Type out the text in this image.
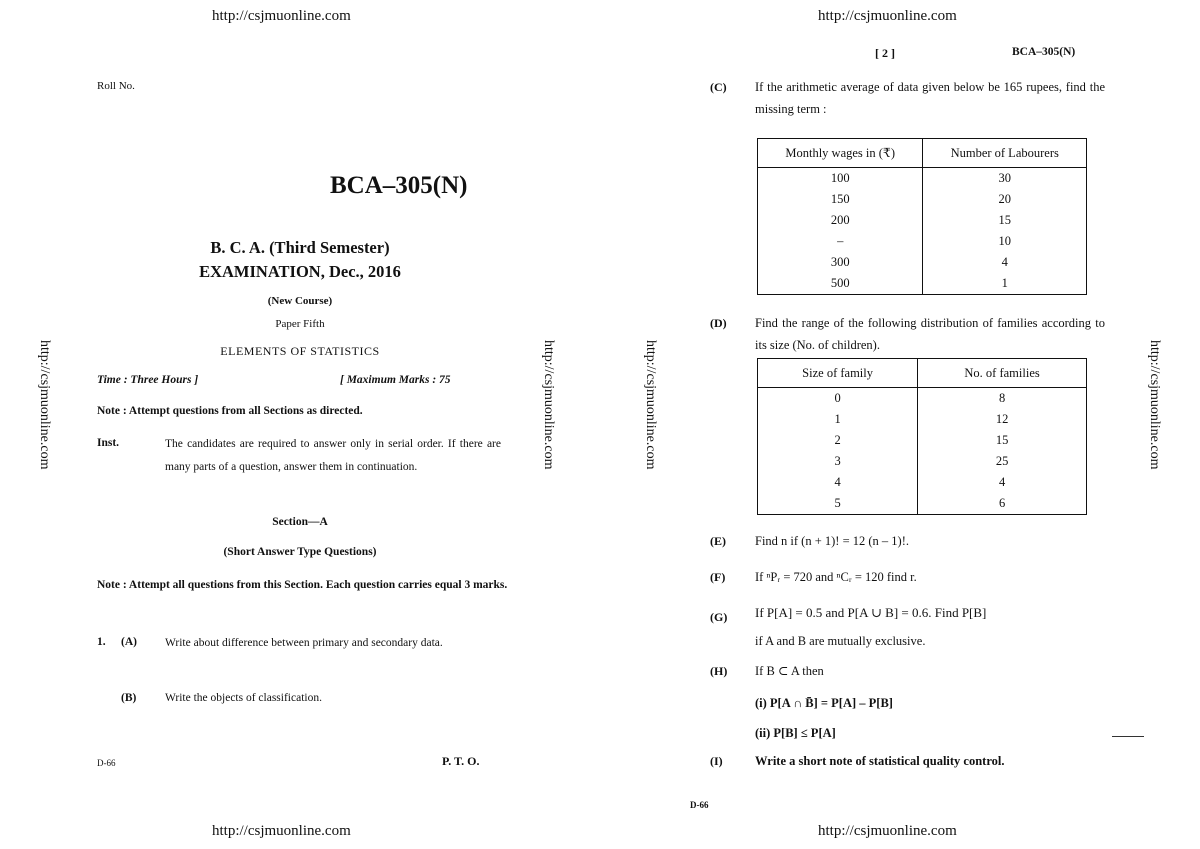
http://csjmuonline.com	http://csjmuonline.com
http://csjmuonline.com	http://csjmuonline.com
http://csjmuonline.com	http://csjmuonline.com	http://csjmuonline.com	http://csjmuonline.com
Roll No.
BCA–305(N)
B. C. A. (Third Semester)
EXAMINATION, Dec., 2016
(New Course)
Paper Fifth
ELEMENTS OF STATISTICS
Time : Three Hours ]	[ Maximum Marks : 75
Note : Attempt questions from all Sections as directed.
Inst.	The candidates are required to answer only in serial order. If there are many parts of a question, answer them in continuation.
Section—A
(Short Answer Type Questions)
Note : Attempt all questions from this Section. Each question carries equal 3 marks.
1. (A) Write about difference between primary and secondary data.
(B) Write the objects of classification.
D-66	P. T. O.
[ 2 ]	BCA–305(N)
(C) If the arithmetic average of data given below be 165 rupees, find the missing term :
Monthly wages in (₹)	Number of Labourers
100	30
150	20
200	15
–	10
300	4
500	1
(D) Find the range of the following distribution of families according to its size (No. of children).
Size of family	No. of families
0	8
1	12
2	15
3	25
4	4
5	6
(E) Find n if (n + 1)! = 12 (n – 1)!.
(F) If ⁿPᵣ = 720 and ⁿCᵣ = 120 find r.
(G) If P[A] = 0.5 and P[A ∪ B] = 0.6. Find P[B]
if A and B are mutually exclusive.
(H) If B ⊂ A then
(i) P[A ∩ B̄] = P[A] – P[B]
(ii) P[B] ≤ P[A]
(I)	Write a short note of statistical quality control.
D-66
